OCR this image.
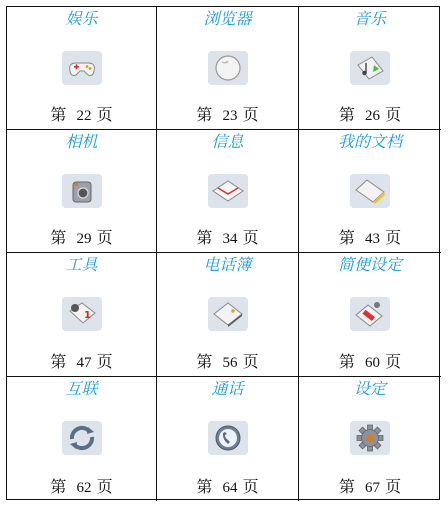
娱乐
第 22 页
浏览器
第 23 页
音乐
第 26 页
相机
第 29 页
信息
第 34 页
我的文档
第 43 页
工具
1
第 47 页
电话簿
第 56 页
简便设定
第 60 页
互联
第 62 页
通话
第 64 页
设定
第 67 页
